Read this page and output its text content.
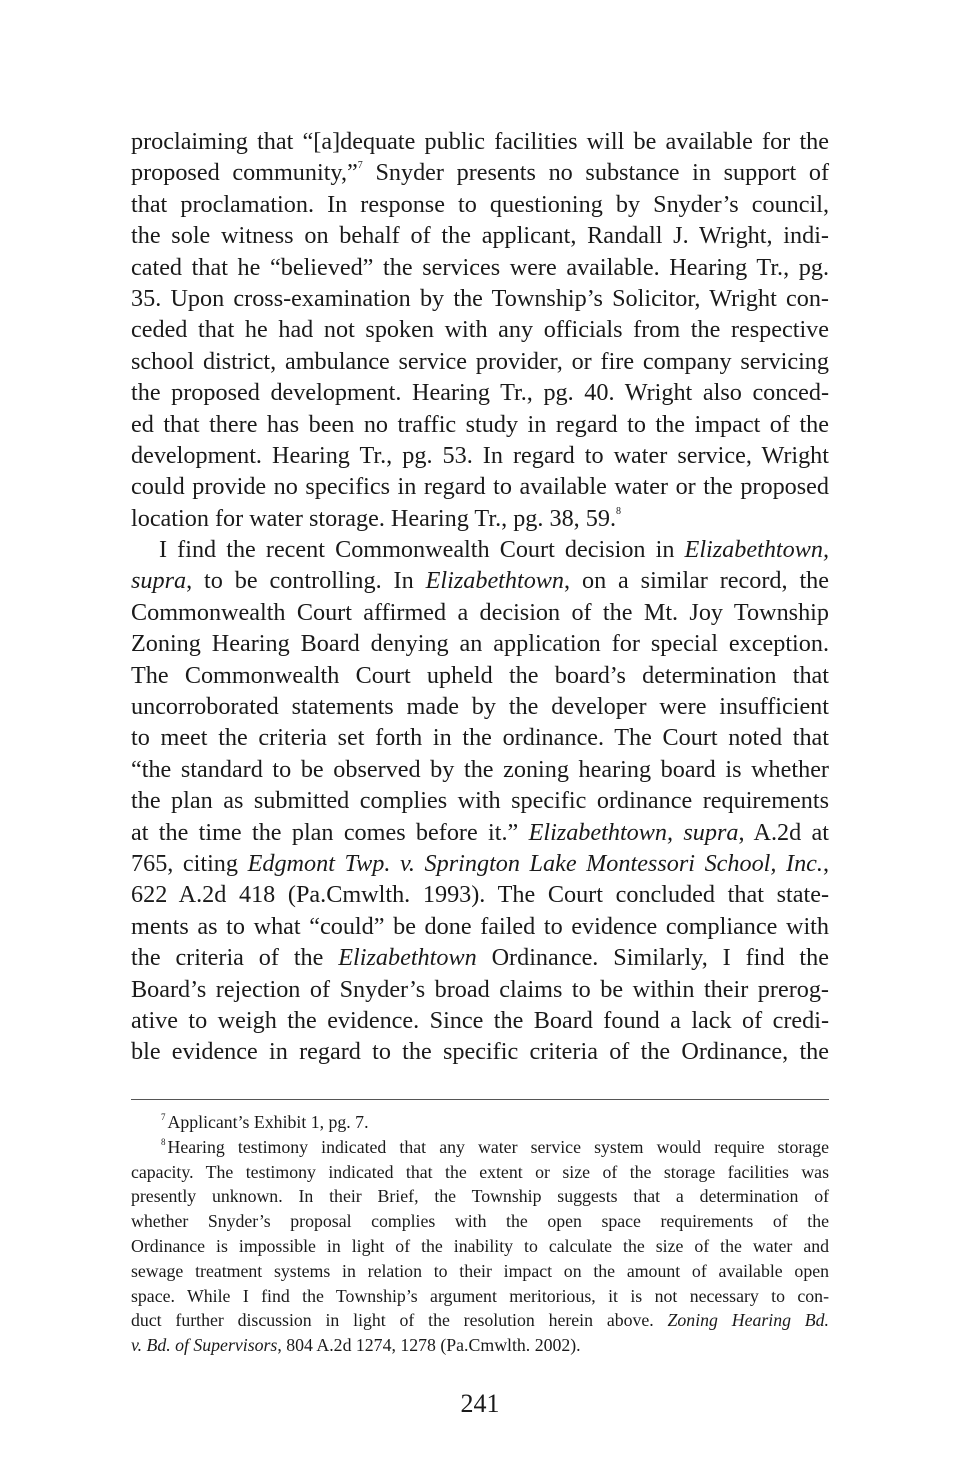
proclaiming that “[a]dequate public facilities will be available for the
proposed community,”$^7$ Snyder presents no substance in support of
that proclamation. In response to questioning by Snyder’s council,
the sole witness on behalf of the applicant, Randall J. Wright, indi-
cated that he “believed” the services were available. Hearing Tr., pg.
35. Upon cross-examination by the Township’s Solicitor, Wright con-
ceded that he had not spoken with any officials from the respective
school district, ambulance service provider, or fire company servicing
the proposed development. Hearing Tr., pg. 40. Wright also conced-
ed that there has been no traffic study in regard to the impact of the
development. Hearing Tr., pg. 53. In regard to water service, Wright
could provide no specifics in regard to available water or the proposed
location for water storage. Hearing Tr., pg. 38, 59.$^8$
I find the recent Commonwealth Court decision in Elizabethtown,
supra, to be controlling. In Elizabethtown, on a similar record, the
Commonwealth Court affirmed a decision of the Mt. Joy Township
Zoning Hearing Board denying an application for special exception.
The Commonwealth Court upheld the board’s determination that
uncorroborated statements made by the developer were insufficient
to meet the criteria set forth in the ordinance. The Court noted that
“the standard to be observed by the zoning hearing board is whether
the plan as submitted complies with specific ordinance requirements
at the time the plan comes before it.” Elizabethtown, supra, A.2d at
765, citing Edgmont Twp. v. Springton Lake Montessori School, Inc.,
622 A.2d 418 (Pa.Cmwlth. 1993). The Court concluded that state-
ments as to what “could” be done failed to evidence compliance with
the criteria of the Elizabethtown Ordinance. Similarly, I find the
Board’s rejection of Snyder’s broad claims to be within their prerog-
ative to weigh the evidence. Since the Board found a lack of credi-
ble evidence in regard to the specific criteria of the Ordinance, the
$^7$ Applicant’s Exhibit 1, pg. 7.
$^8$ Hearing testimony indicated that any water service system would require storage
capacity. The testimony indicated that the extent or size of the storage facilities was
presently unknown. In their Brief, the Township suggests that a determination of
whether Snyder’s proposal complies with the open space requirements of the
Ordinance is impossible in light of the inability to calculate the size of the water and
sewage treatment systems in relation to their impact on the amount of available open
space. While I find the Township’s argument meritorious, it is not necessary to con-
duct further discussion in light of the resolution herein above. Zoning Hearing Bd.
v. Bd. of Supervisors, 804 A.2d 1274, 1278 (Pa.Cmwlth. 2002).
241
